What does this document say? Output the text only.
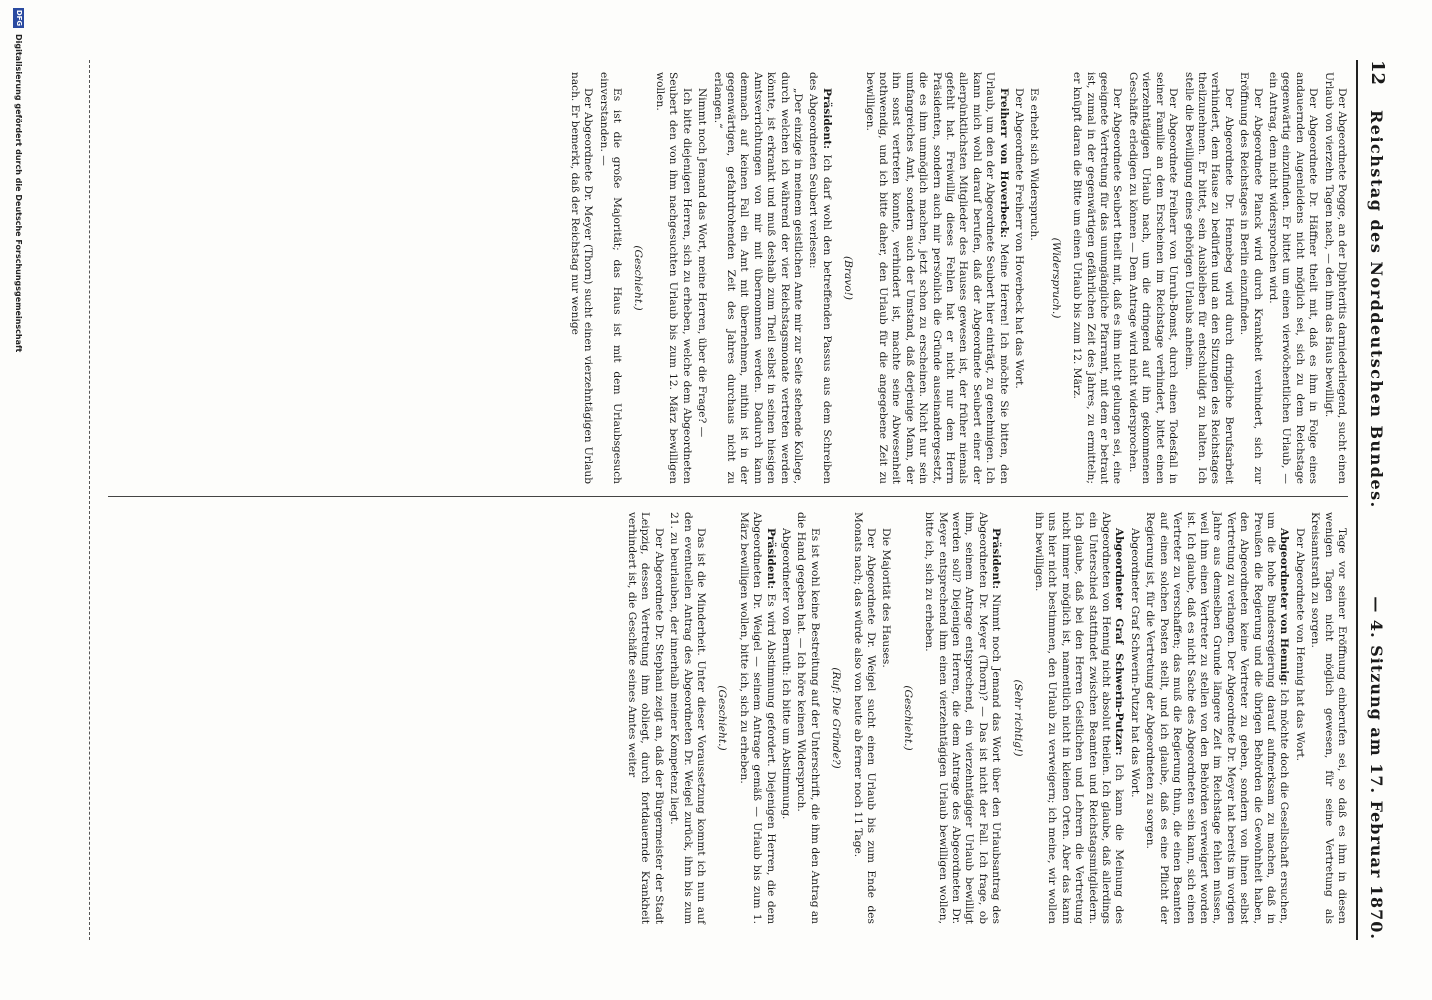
12
Reichstag des Norddeutschen Bundes.
— 4. Sitzung am 17. Februar 1870.

Der Abgeordnete Pogge, an der Diphteritis darniederliegend, sucht einen Urlaub von vierzehn Tagen nach, — den ihm das Haus bewilligt.

Der Abgeordnete Dr. Häffner theilt mit, daß es ihm in Folge eines andauernden Augenleidens nicht möglich sei, sich zu dem Reichstage gegenwärtig einzufinden. Er bittet um einen vierwöchentlichen Urlaub, — ein Antrag, dem nicht widersprochen wird.

Der Abgeordnete Planck wird durch Krankheit verhindert, sich zur Eröffnung des Reichstages in Berlin einzufinden.

Der Abgeordnete Dr. Hennebeg wird durch dringliche Berufsarbeit verhindert, dem Hause zu bedürfen und an den Sitzungen des Reichstages theilzunehmen. Er bittet, sein Ausbleiben für entschuldigt zu halten. Ich stelle die Bewilligung eines gehörigen Urlaubs anheim.

Der Abgeordnete Freiherr von Unruh-Bomst, durch einen Todesfall in seiner Familie an dem Erscheinen im Reichstage verhindert, bittet einen vierzehntägigen Urlaub nach, um die dringend auf ihn gekommenen Geschäfte erledigen zu können — Dem Antrage wird nicht widersprochen.

Der Abgeordnete Seubert theilt mit, daß es ihm nicht gelungen sei, eine geeignete Vertretung für das unumgängliche Pfarramt, mit dem er betraut ist, zumal in der gegenwärtigen gefährlichen Zeit des Jahres, zu ermitteln; er knüpft daran die Bitte um einen Urlaub bis zum 12. März.

(Widerspruch.)

Es erhebt sich Widerspruch.

Der Abgeordnete Freiherr von Hoverbeck hat das Wort.

Freiherr von Hoverbeck: Meine Herren! Ich möchte Sie bitten, den Urlaub, um den der Abgeordnete Seubert hier einträgt, zu genehmigen. Ich kann mich wohl darauf berufen, daß der Abgeordnete Seubert einer der allerpünktlichsten Mitglieder des Hauses gewesen ist, der früher niemals gefehlt hat. Freiwillig dieses Fehlen hat er nicht nur dem Herrn Präsidenten, sondern auch mir persönlich die Gründe auseinandergesetzt, die es ihm unmöglich machen, jetzt schon zu erscheinen. Nicht nur sein umfangreiches Amt, sondern auch der Umstand, daß derjenige Mann, der ihn sonst vertreten konnte, verhindert ist, machte seine Abwesenheit nothwendig, und ich bitte daher, den Urlaub für die angegebene Zeit zu bewilligen.

(Bravo!)

Präsident: Ich darf wohl den betreffenden Passus aus dem Schreiben des Abgeordneten Seubert verlesen:

„Der einzige in meinem geistlichen Amte mir zur Seite stehende Kollege, durch welchen ich während der vier Reichstagsmonate vertreten werden könnte, ist erkrankt und muß deshalb zum Theil selbst in seinen hiesigen Amtsverrichtungen von mir mit übernommen werden. Dadurch kann demnach auf keinen Fall ein Amt mit übernehmen, mithin ist in der gegenwärtigen, gefahrdrohenden Zeit des Jahres durchaus nicht zu erlangen.“

Nimmt noch Jemand das Wort, meine Herren, über die Frage? —

Ich bitte diejenigen Herren, sich zu erheben, welche dem Abgeordneten Seubert den von ihm nachgesuchten Urlaub bis zum 12. März bewilligen wollen.

(Geschieht.)

Es ist die große Majorität; das Haus ist mit dem Urlaubsgesuch einverstanden. —

Der Abgeordnete Dr. Meyer (Thorn) sucht einen vierzehntägigen Urlaub nach. Er bemerkt, daß der Reichstag nur wenige

Tage vor seiner Eröffnung einberufen sei, so daß es ihm in diesen wenigen Tagen nicht möglich gewesen, für seine Vertretung als Kreisamtsrath zu sorgen.

Der Abgeordnete von Hennig hat das Wort.

Abgeordneter von Hennig: Ich möchte doch die Gesellschaft ersuchen, um die hohe Bundesregierung darauf aufmerksam zu machen, daß in Preußen die Regierung und die übrigen Behörden die Gewohnheit haben, den Abgeordneten keine Vertreter zu geben, sondern von ihnen selbst Vertretung zu verlangen. Der Abgeordnete Dr. Meyer hat bereits im vorigen Jahre aus demselben Grunde längere Zeit im Reichstage fehlen müssen, weil ihm einen Vertreter zu stellen von den Behörden verweigert worden ist. Ich glaube, daß es nicht Sache des Abgeordneten sein kann, sich einen Vertreter zu verschaffen; das muß die Regierung thun, die einen Beamten auf einen solchen Posten stellt, und ich glaube, daß es eine Pflicht der Regierung ist, für die Vertretung der Abgeordneten zu sorgen.

Abgeordneter Graf Schwerin-Putzar hat das Wort.

Abgeordneter Graf Schwerin-Putzar: Ich kann die Meinung des Abgeordneten von Hennig nicht absolut theilen. Ich glaube, daß allerdings ein Unterschied stattfindet zwischen Beamten und Reichstagsmitgliedern. Ich glaube, daß bei den Herren Geistlichen und Lehrern die Vertretung nicht immer möglich ist, namentlich nicht in kleinen Orten. Aber das kann uns hier nicht bestimmen, den Urlaub zu verweigern; ich meine, wir wollen ihn bewilligen.

(Sehr richtig!)

Präsident: Nimmt noch Jemand das Wort über den Urlaubsantrag des Abgeordneten Dr. Meyer (Thorn)? — Das ist nicht der Fall. Ich frage, ob ihm, seinem Antrage entsprechend, ein vierzehntägiger Urlaub bewilligt werden soll? Diejenigen Herren, die dem Antrage des Abgeordneten Dr. Meyer entsprechend ihm einen vierzehntägigen Urlaub bewilligen wollen, bitte ich, sich zu erheben.

(Geschieht.)

Die Majorität des Hauses.

Der Abgeordnete Dr. Weigel sucht einen Urlaub bis zum Ende des Monats nach; das würde also von heute ab ferner noch 11 Tage.

(Ruf: Die Gründe?)

Es ist wohl keine Bestreitung auf der Unterschrift, die ihm den Antrag an die Hand gegeben hat. — Ich höre keinen Widerspruch.

Abgeordneter von Bernuth: Ich bitte um Abstimmung.

Präsident: Es wird Abstimmung gefordert. Diejenigen Herren, die dem Abgeordneten Dr. Weigel — seinem Antrage gemäß — Urlaub bis zum 1. März bewilligen wollen, bitte ich, sich zu erheben.

(Geschieht.)

Das ist die Minderheit. Unter dieser Voraussetzung kommt ich nun auf den eventuellen Antrag des Abgeordneten Dr. Weigel zurück, ihm bis zum 21. zu beurlauben, der innerhalb meiner Kompetenz liegt.

Der Abgeordnete Dr. Stephani zeigt an, daß der Bürgermeister der Stadt Leipzig, dessen Vertretung ihm obliegt, durch fortdauernde Krankheit verhindert ist, die Geschäfte seines Amtes weiter

DFG
Digitalisierung gefördert durch die Deutsche Forschungsgemeinschaft
